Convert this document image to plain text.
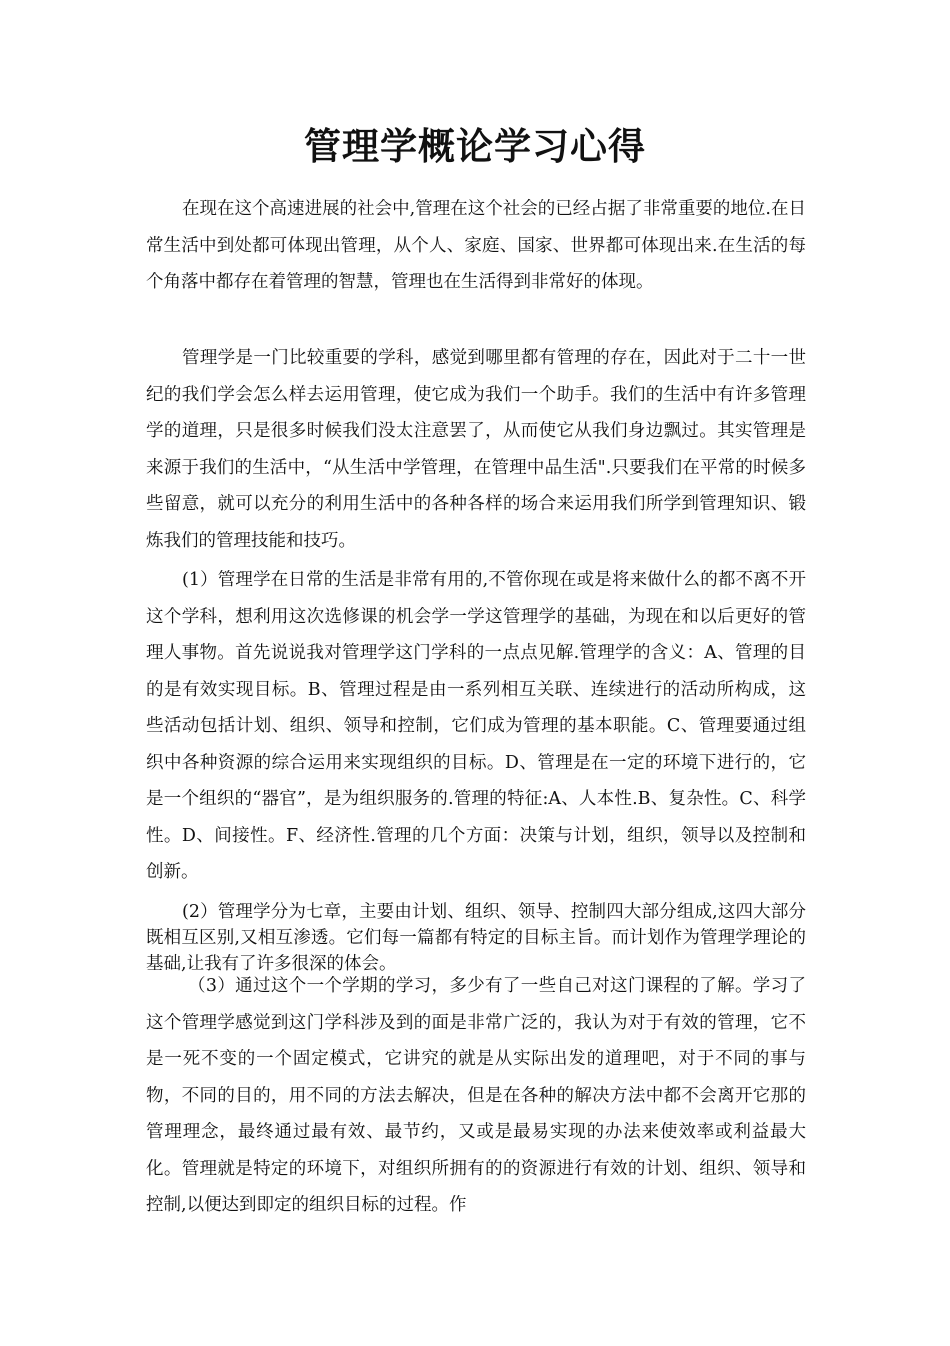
管理学概论学习心得

在现在这个高速进展的社会中,管理在这个社会的已经占据了非常重要的地位.在日常生活中到处都可体现出管理，从个人、家庭、国家、世界都可体现出来.在生活的每个角落中都存在着管理的智慧，管理也在生活得到非常好的体现。

管理学是一门比较重要的学科，感觉到哪里都有管理的存在，因此对于二十一世纪的我们学会怎么样去运用管理，使它成为我们一个助手。我们的生活中有许多管理学的道理，只是很多时候我们没太注意罢了，从而使它从我们身边飘过。其实管理是来源于我们的生活中，“从生活中学管理，在管理中品生活".只要我们在平常的时候多些留意，就可以充分的利用生活中的各种各样的场合来运用我们所学到管理知识、锻炼我们的管理技能和技巧。

(1）管理学在日常的生活是非常有用的,不管你现在或是将来做什么的都不离不开这个学科，想利用这次选修课的机会学一学这管理学的基础，为现在和以后更好的管理人事物。首先说说我对管理学这门学科的一点点见解.管理学的含义：A、管理的目的是有效实现目标。B、管理过程是由一系列相互关联、连续进行的活动所构成，这些活动包括计划、组织、领导和控制，它们成为管理的基本职能。C、管理要通过组织中各种资源的综合运用来实现组织的目标。D、管理是在一定的环境下进行的，它是一个组织的“器官”，是为组织服务的.管理的特征:A、人本性.B、复杂性。C、科学性。D、间接性。F、经济性.管理的几个方面：决策与计划，组织，领导以及控制和创新。

(2）管理学分为七章，主要由计划、组织、领导、控制四大部分组成,这四大部分既相互区别,又相互渗透。它们每一篇都有特定的目标主旨。而计划作为管理学理论的基础,让我有了许多很深的体会。

（3）通过这个一个学期的学习，多少有了一些自己对这门课程的了解。学习了这个管理学感觉到这门学科涉及到的面是非常广泛的，我认为对于有效的管理，它不是一死不变的一个固定模式，它讲究的就是从实际出发的道理吧，对于不同的事与物，不同的目的，用不同的方法去解决，但是在各种的解决方法中都不会离开它那的管理理念，最终通过最有效、最节约，又或是最易实现的办法来使效率或利益最大化。管理就是特定的环境下，对组织所拥有的的资源进行有效的计划、组织、领导和控制,以便达到即定的组织目标的过程。作
